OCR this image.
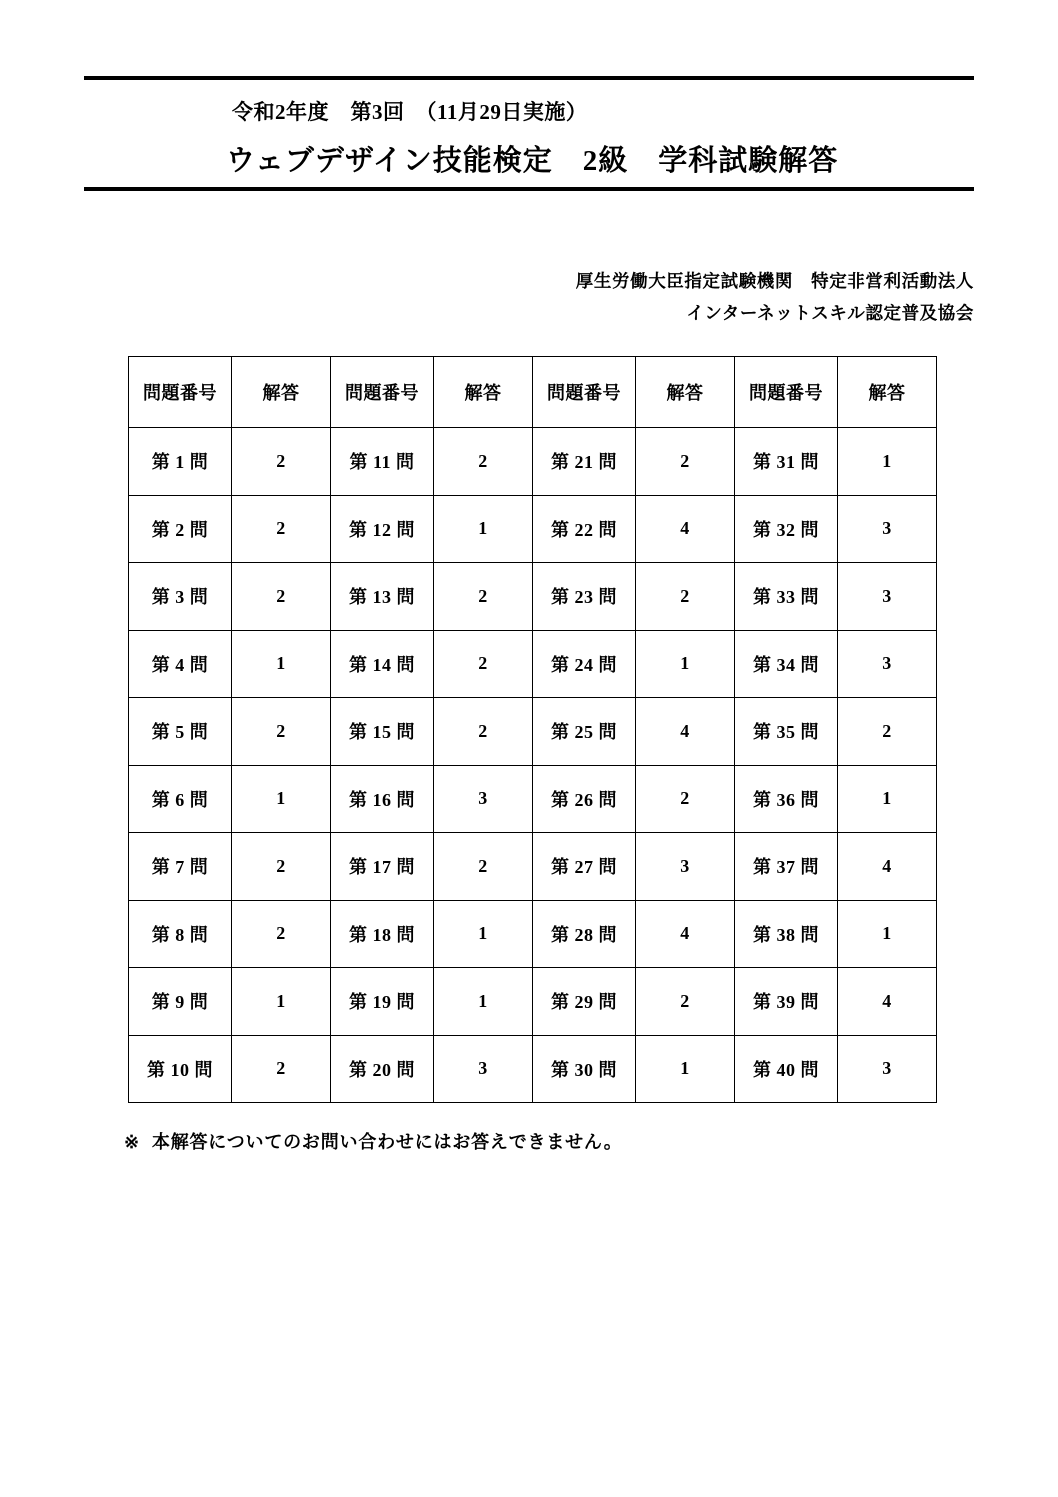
令和2年度　第3回　（11月29日実施）
ウェブデザイン技能検定　2級　学科試験解答
厚生労働大臣指定試験機関　特定非営利活動法人
インターネットスキル認定普及協会
問題番号	解答	問題番号	解答	問題番号	解答	問題番号	解答
第 1 問	2	第 11 問	2	第 21 問	2	第 31 問	1
第 2 問	2	第 12 問	1	第 22 問	4	第 32 問	3
第 3 問	2	第 13 問	2	第 23 問	2	第 33 問	3
第 4 問	1	第 14 問	2	第 24 問	1	第 34 問	3
第 5 問	2	第 15 問	2	第 25 問	4	第 35 問	2
第 6 問	1	第 16 問	3	第 26 問	2	第 36 問	1
第 7 問	2	第 17 問	2	第 27 問	3	第 37 問	4
第 8 問	2	第 18 問	1	第 28 問	4	第 38 問	1
第 9 問	1	第 19 問	1	第 29 問	2	第 39 問	4
第 10 問	2	第 20 問	3	第 30 問	1	第 40 問	3
※ 本解答についてのお問い合わせにはお答えできません。
